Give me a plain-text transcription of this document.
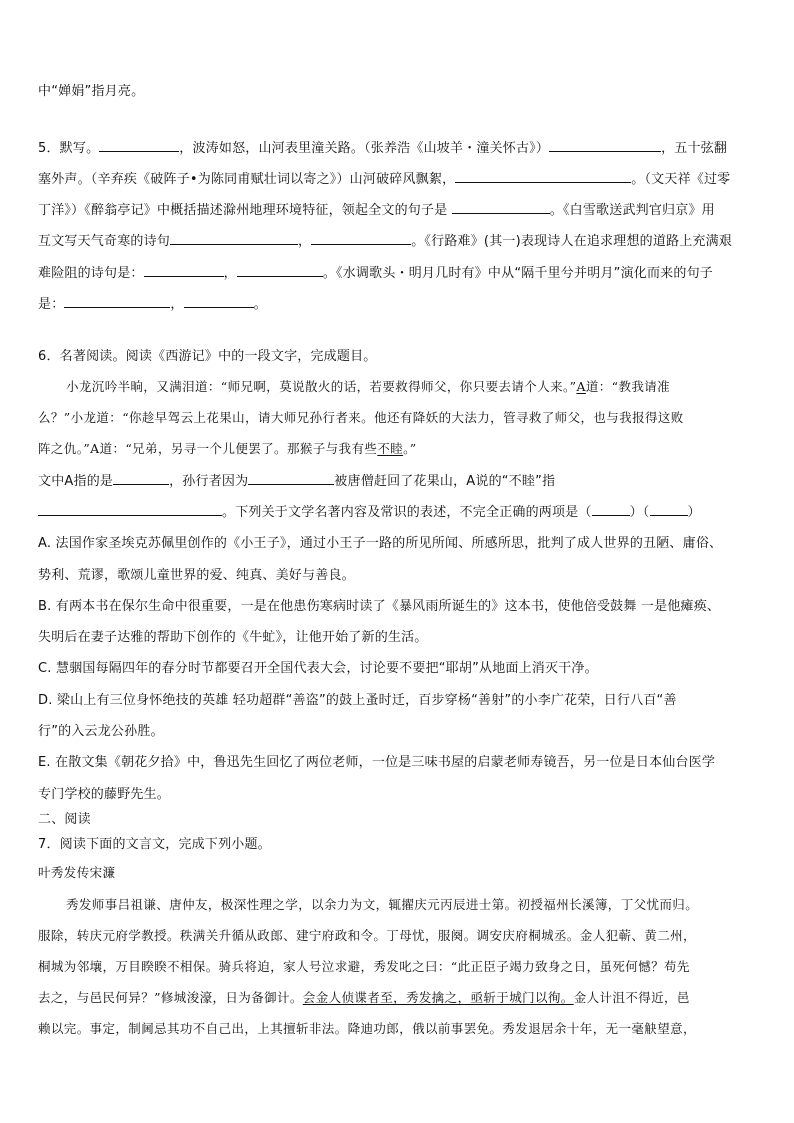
中“婵娟”指月亮。
5．默写。	，波涛如怒，山河表里潼关路。（张养浩《山坡羊・潼关怀古》）	，五十弦翻
塞外声。（辛弃疾《破阵子•为陈同甫赋壮词以寄之》）山河破碎风飘絮，	。（文天祥《过零
丁洋》）《醉翁亭记》中概括描述滁州地理环境特征，领起全文的句子是	。《白雪歌送武判官归京》用
互文写天气奇寒的诗句	，	。《行路难》(其一)表现诗人在追求理想的道路上充满艰
难险阻的诗句是：	，	。《水调歌头・明月几时有》中从“隔千里兮并明月”演化而来的句子
是：	，	。
6．名著阅读。阅读《西游记》中的一段文字，完成题目。
小龙沉吟半晌，又满泪道：“师兄啊，莫说散火的话，若要救得师父，你只要去请个人来。”A道：“教我请准
么？”小龙道：“你趁早驾云上花果山，请大师兄孙行者来。他还有降妖的大法力，管寻救了师父，也与我报得这败
阵之仇。”A道：“兄弟，另寻一个儿便罢了。那猴子与我有些不睦。”
文中A指的是	，孙行者因为	被唐僧赶回了花果山，A说的“不睦”指
。下列关于文学名著内容及常识的表述，不完全正确的两项是（	）（	）
A. 法国作家圣埃克苏佩里创作的《小王子》，通过小王子一路的所见所闻、所感所思，批判了成人世界的丑陋、庸俗、
势利、荒谬，歌颂儿童世界的爱、纯真、美好与善良。
B. 有两本书在保尔生命中很重要，一是在他患伤寒病时读了《暴风雨所诞生的》这本书，使他倍受鼓舞 一是他瘫痪、
失明后在妻子达雅的帮助下创作的《牛虻》，让他开始了新的生活。
C. 慧骃国每隔四年的春分时节都要召开全国代表大会，讨论要不要把“耶胡”从地面上消灭干净。
D. 梁山上有三位身怀绝技的英雄 轻功超群“善盗”的鼓上蚤时迁，百步穿杨“善射”的小李广花荣，日行八百“善
行”的入云龙公孙胜。
E. 在散文集《朝花夕拾》中，鲁迅先生回忆了两位老师，一位是三味书屋的启蒙老师寿镜吾，另一位是日本仙台医学
专门学校的藤野先生。
二、阅读
7．阅读下面的文言文，完成下列小题。
叶秀发传宋濂
秀发师事吕祖谦、唐仲友，极深性理之学，以余力为文，辄擢庆元丙辰进士第。初授福州长溪簿，丁父忧而归。
服除，转庆元府学教授。秩满关升循从政郎、建宁府政和令。丁母忧，服阕。调安庆府桐城丞。金人犯蕲、黄二州，
桐城为邻壤，万目睽睽不相保。骑兵将迫，家人号泣求避，秀发叱之曰：“此正臣子竭力致身之日，虽死何憾？苟先
去之，与邑民何异？”修城浚濠，日为备御计。会金人侦谍者至，秀发擒之，亟斩于城门以徇。金人计沮不得近，邑
赖以完。事定，制阃忌其功不自己出，上其擅斩非法。降迪功郎，俄以前事罢免。秀发退居余十年，无一毫觖望意，
